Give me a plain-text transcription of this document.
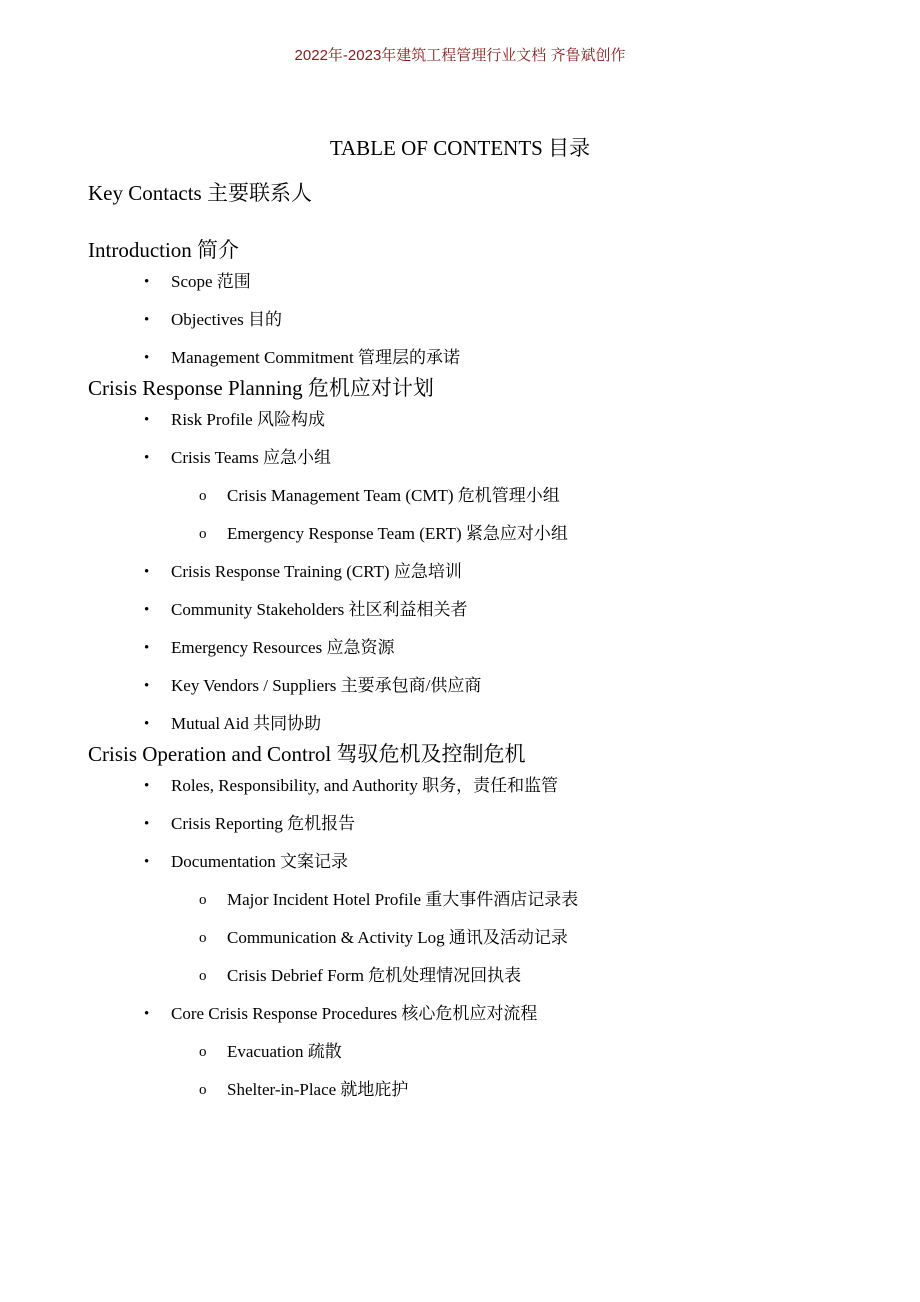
2022年-2023年建筑工程管理行业文档 齐鲁斌创作
TABLE OF CONTENTS 目录
Key Contacts 主要联系人
Introduction 简介
• Scope 范围
• Objectives 目的
• Management Commitment 管理层的承诺
Crisis Response Planning 危机应对计划
• Risk Profile 风险构成
• Crisis Teams 应急小组
o Crisis Management Team (CMT) 危机管理小组
o Emergency Response Team (ERT) 紧急应对小组
• Crisis Response Training (CRT) 应急培训
• Community Stakeholders 社区利益相关者
• Emergency Resources 应急资源
• Key Vendors / Suppliers 主要承包商/供应商
• Mutual Aid 共同协助
Crisis Operation and Control 驾驭危机及控制危机
• Roles, Responsibility, and Authority 职务，责任和监管
• Crisis Reporting 危机报告
• Documentation 文案记录
o Major Incident Hotel Profile 重大事件酒店记录表
o Communication & Activity Log 通讯及活动记录
o Crisis Debrief Form 危机处理情况回执表
• Core Crisis Response Procedures 核心危机应对流程
o Evacuation 疏散
o Shelter-in-Place 就地庇护
